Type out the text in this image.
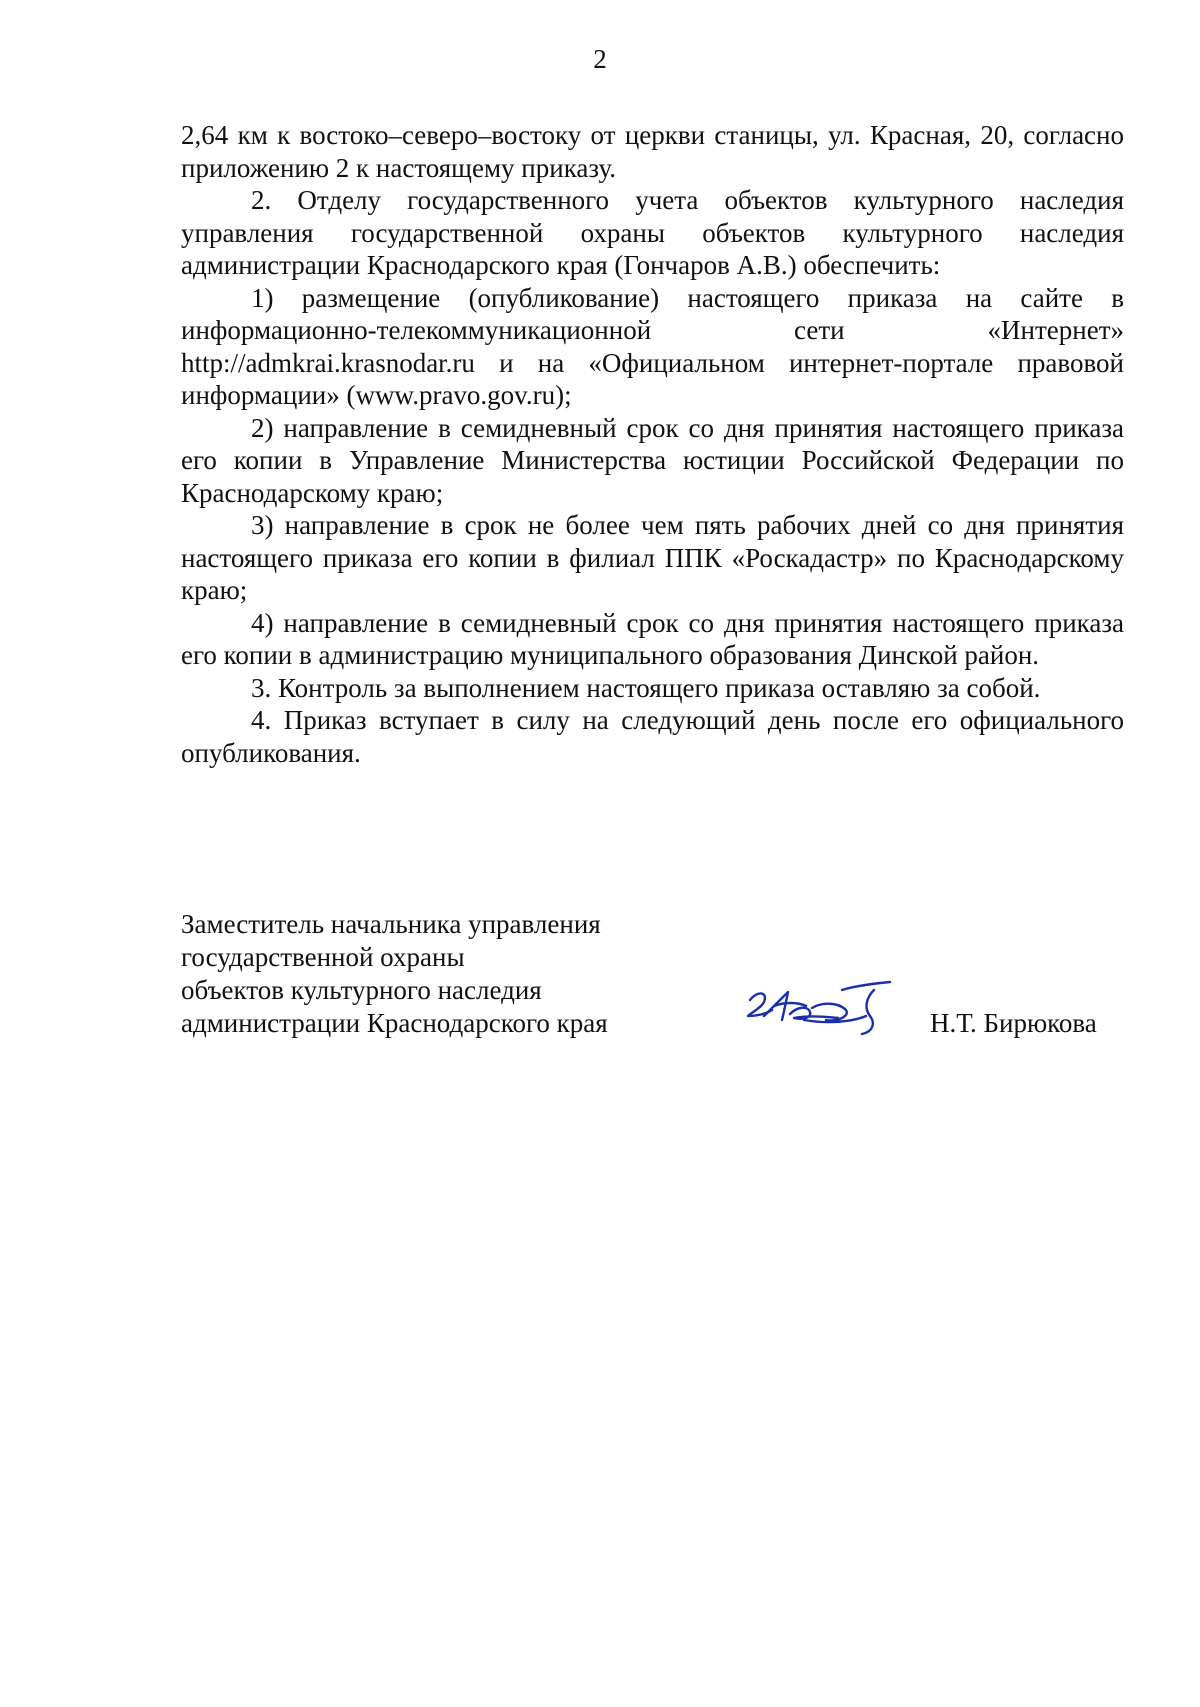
2

2,64 км к востоко–северо–востоку от церкви станицы, ул. Красная, 20, согласно приложению 2 к настоящему приказу.

2. Отделу государственного учета объектов культурного наследия управления государственной охраны объектов культурного наследия администрации Краснодарского края (Гончаров А.В.) обеспечить:

1) размещение (опубликование) настоящего приказа на сайте в информационно-телекоммуникационной сети «Интернет» http://admkrai.krasnodar.ru и на «Официальном интернет-портале правовой информации» (www.pravo.gov.ru);

2) направление в семидневный срок со дня принятия настоящего приказа его копии в Управление Министерства юстиции Российской Федерации по Краснодарскому краю;

3) направление в срок не более чем пять рабочих дней со дня принятия настоящего приказа его копии в филиал ППК «Роскадастр» по Краснодарскому краю;

4) направление в семидневный срок со дня принятия настоящего приказа его копии в администрацию муниципального образования Динской район.

3. Контроль за выполнением настоящего приказа оставляю за собой.

4. Приказ вступает в силу на следующий день после его официального опубликования.

Заместитель начальника управления
государственной охраны
объектов культурного наследия
администрации Краснодарского края	Н.Т. Бирюкова
